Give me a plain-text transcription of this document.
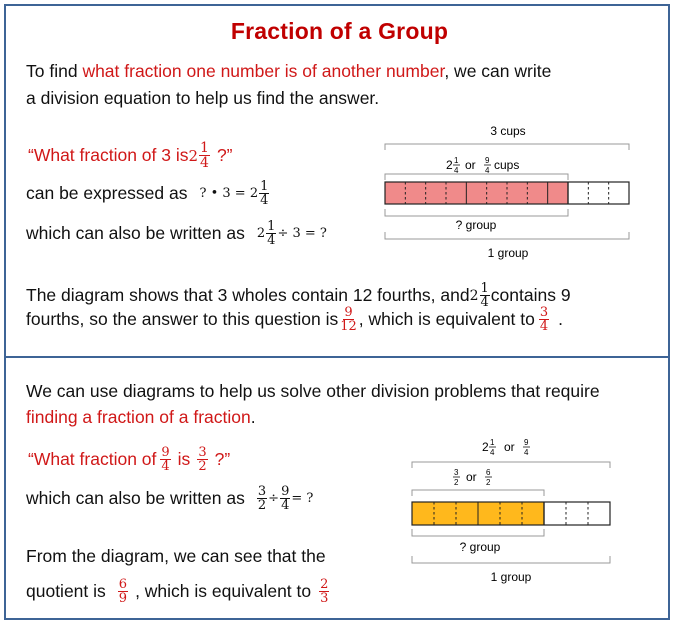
Fraction of a Group
To find what fraction one number is of another number, we can write
a division equation to help us find the answer.
“What fraction of 3 is $2 \frac{1}{4}$ ?”
can be expressed as ? • $3 = 2 \frac{1}{4}$
which can also be written as $2 \frac{1}{4} \div 3$ = ?
3 cups
2 1
4 or 9
4 cups
? group
1 group
The diagram shows that 3 wholes contain 12 fourths, and $2 \frac{1}{4}$ contains 9
fourths, so the answer to this question is $\frac{9}{12}$ , which is equivalent to $\frac{3}{4}$ .
We can use diagrams to help us solve other division problems that require
finding a fraction of a fraction.
“What fraction of $\frac{9}{4}$ is $\frac{3}{2}$ ?”
which can also be written as $\frac{3}{2} \div \frac{9}{4}$ = ?
From the diagram, we can see that the
quotient is $\frac{6}{9}$ , which is equivalent to $\frac{2}{3}$
2 1
4 or 9
4
3
2 or 6
2
? group
1 group
